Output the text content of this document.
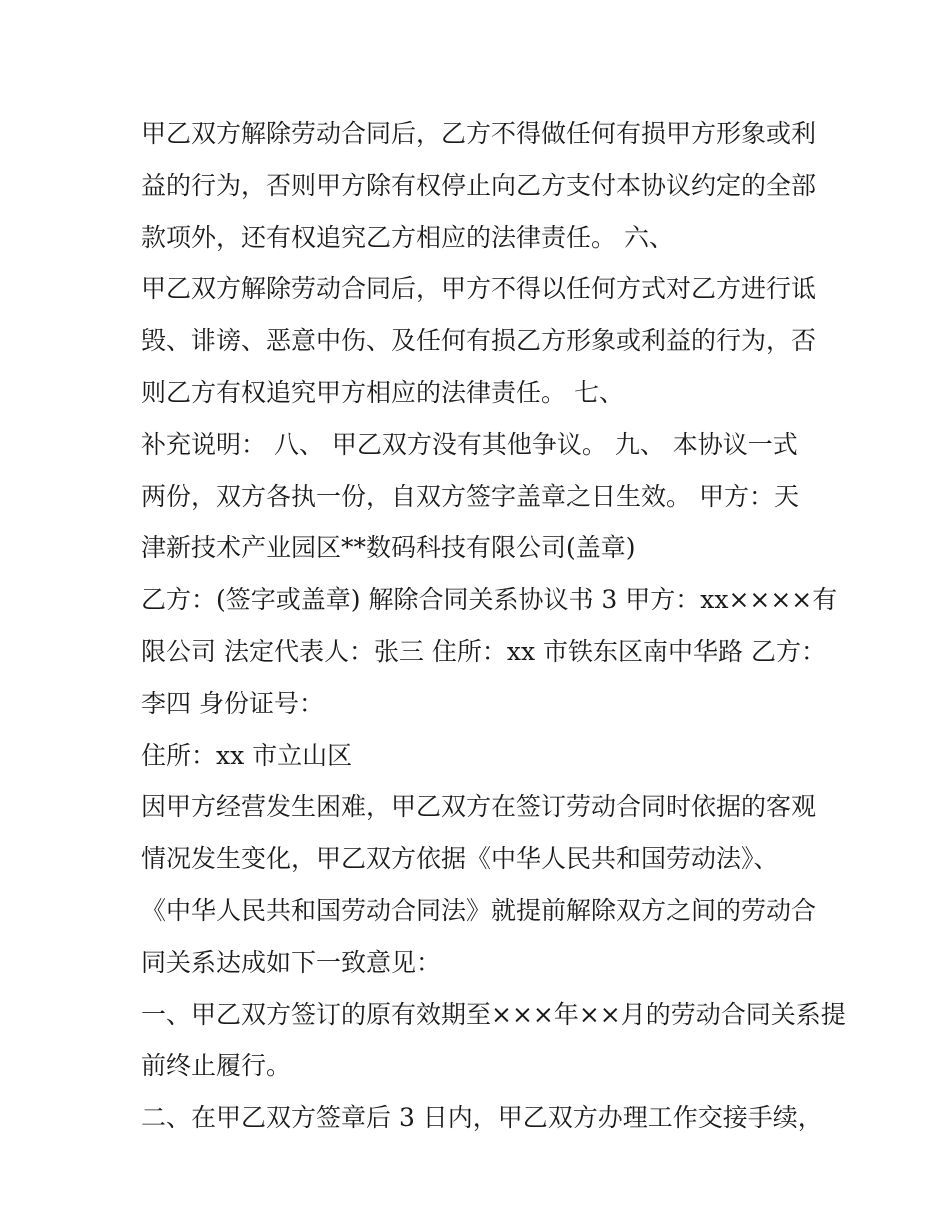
甲乙双方解除劳动合同后，乙方不得做任何有损甲方形象或利
益的行为，否则甲方除有权停止向乙方支付本协议约定的全部
款项外，还有权追究乙方相应的法律责任。 六、
甲乙双方解除劳动合同后，甲方不得以任何方式对乙方进行诋
毁、诽谤、恶意中伤、及任何有损乙方形象或利益的行为，否
则乙方有权追究甲方相应的法律责任。 七、
补充说明： 八、 甲乙双方没有其他争议。 九、 本协议一式
两份，双方各执一份，自双方签字盖章之日生效。 甲方：天
津新技术产业园区**数码科技有限公司(盖章)
乙方：(签字或盖章) 解除合同关系协议书 3 甲方：xx××××有
限公司 法定代表人：张三 住所：xx 市铁东区南中华路 乙方：
李四 身份证号：
住所：xx 市立山区
因甲方经营发生困难，甲乙双方在签订劳动合同时依据的客观
情况发生变化，甲乙双方依据《中华人民共和国劳动法》、
《中华人民共和国劳动合同法》就提前解除双方之间的劳动合
同关系达成如下一致意见：
一、甲乙双方签订的原有效期至×××年××月的劳动合同关系提
前终止履行。
二、在甲乙双方签章后 3 日内，甲乙双方办理工作交接手续，
